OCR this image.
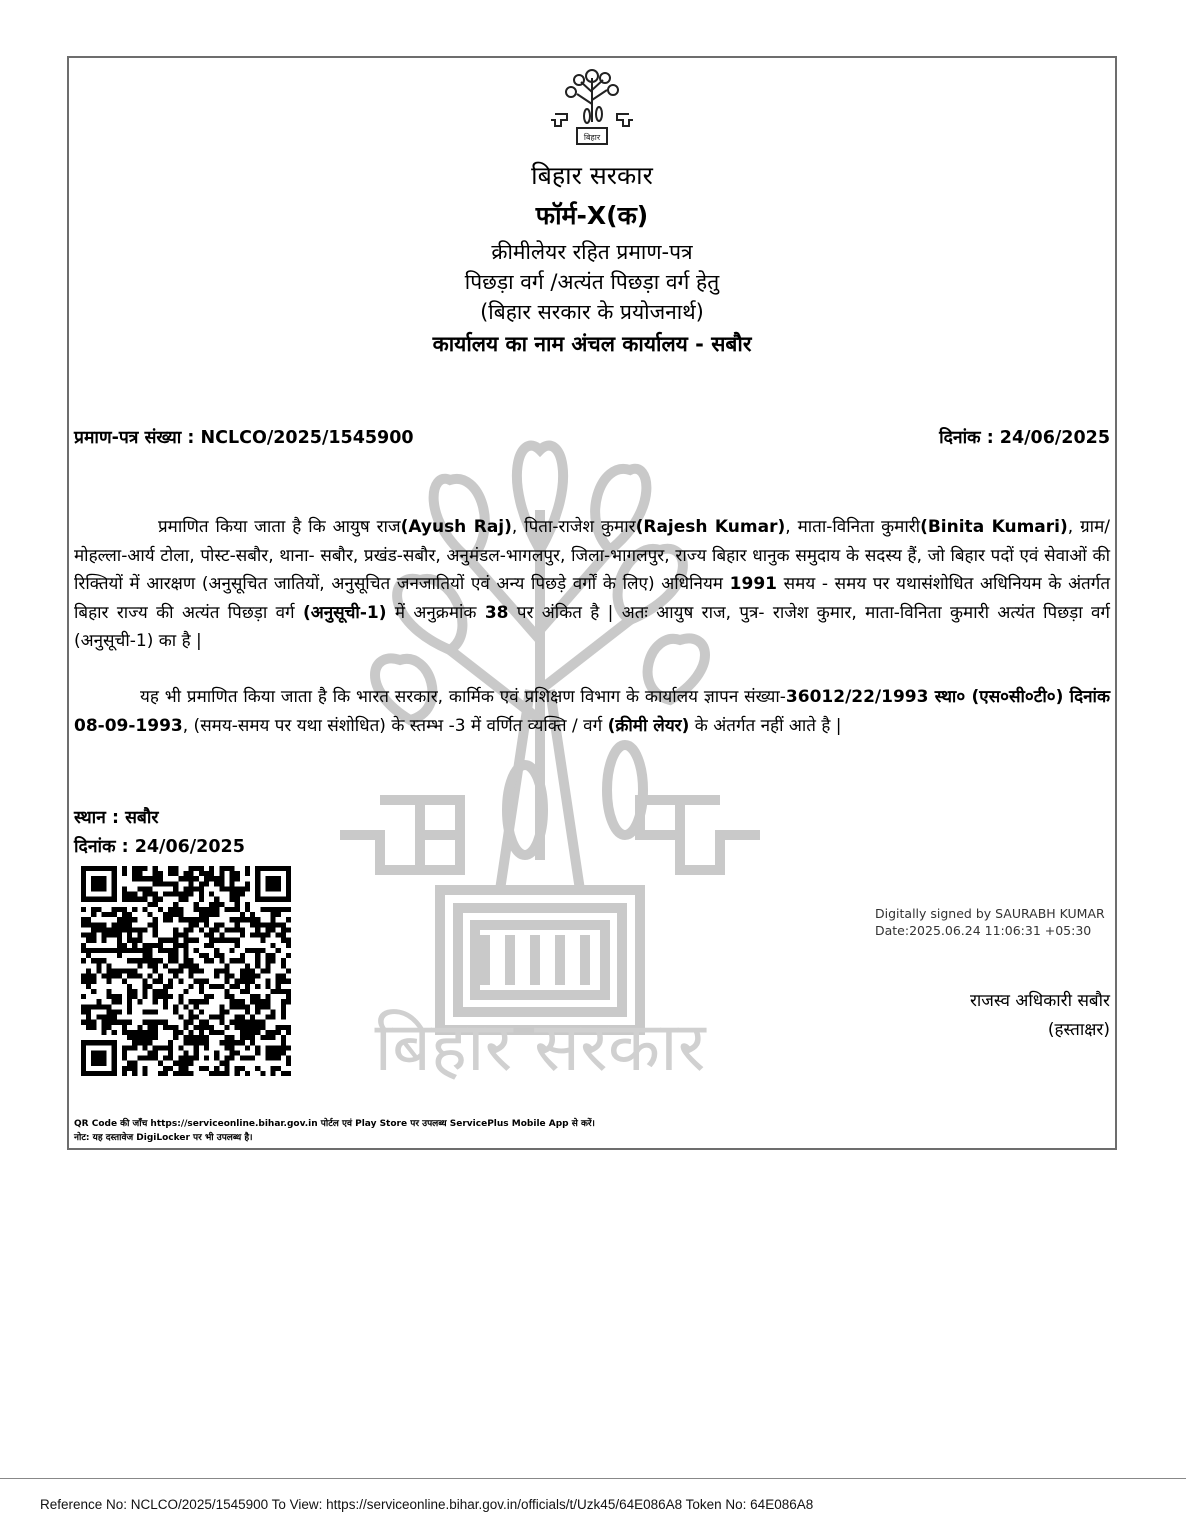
बिहार सरकार
बिहार
बिहार सरकार
फॉर्म-X(क)
क्रीमीलेयर रहित प्रमाण-पत्र
पिछड़ा वर्ग /अत्यंत पिछड़ा वर्ग हेतु
(बिहार सरकार के प्रयोजनार्थ)
कार्यालय का नाम अंचल कार्यालय - सबौर
प्रमाण-पत्र संख्या : NCLCO/2025/1545900	दिनांक : 24/06/2025
प्रमाणित किया जाता है कि आयुष राज(Ayush Raj), पिता-राजेश कुमार(Rajesh Kumar), माता-विनिता कुमारी(Binita Kumari), ग्राम/मोहल्ला-आर्य टोला, पोस्ट-सबौर, थाना- सबौर, प्रखंड-सबौर, अनुमंडल-भागलपुर, जिला-भागलपुर, राज्य बिहार धानुक समुदाय के सदस्य हैं, जो बिहार पदों एवं सेवाओं की रिक्तियों में आरक्षण (अनुसूचित जातियों, अनुसूचित जनजातियों एवं अन्य पिछड़े वर्गों के लिए) अधिनियम 1991 समय - समय पर यथासंशोधित अधिनियम के अंतर्गत बिहार राज्य की अत्यंत पिछड़ा वर्ग (अनुसूची-1) में अनुक्रमांक 38 पर अंकित है | अतः आयुष राज, पुत्र- राजेश कुमार, माता-विनिता कुमारी अत्यंत पिछड़ा वर्ग (अनुसूची-1) का है |
यह भी प्रमाणित किया जाता है कि भारत सरकार, कार्मिक एवं प्रशिक्षण विभाग के कार्यालय ज्ञापन संख्या-36012/22/1993 स्था० (एस०सी०टी०) दिनांक 08-09-1993, (समय-समय पर यथा संशोधित) के स्तम्भ -3 में वर्णित व्यक्ति / वर्ग (क्रीमी लेयर) के अंतर्गत नहीं आते है |
स्थान : सबौर
दिनांक : 24/06/2025
Digitally signed by SAURABH KUMAR
Date:2025.06.24 11:06:31 +05:30
राजस्व अधिकारी सबौर
(हस्ताक्षर)
QR Code की जाँच https://serviceonline.bihar.gov.in पोर्टल एवं Play Store पर उपलब्ध ServicePlus Mobile App से करें।
नोट: यह दस्तावेज DigiLocker पर भी उपलब्ध है।
Reference No: NCLCO/2025/1545900 To View: https://serviceonline.bihar.gov.in/officials/t/Uzk45/64E086A8 Token No: 64E086A8
